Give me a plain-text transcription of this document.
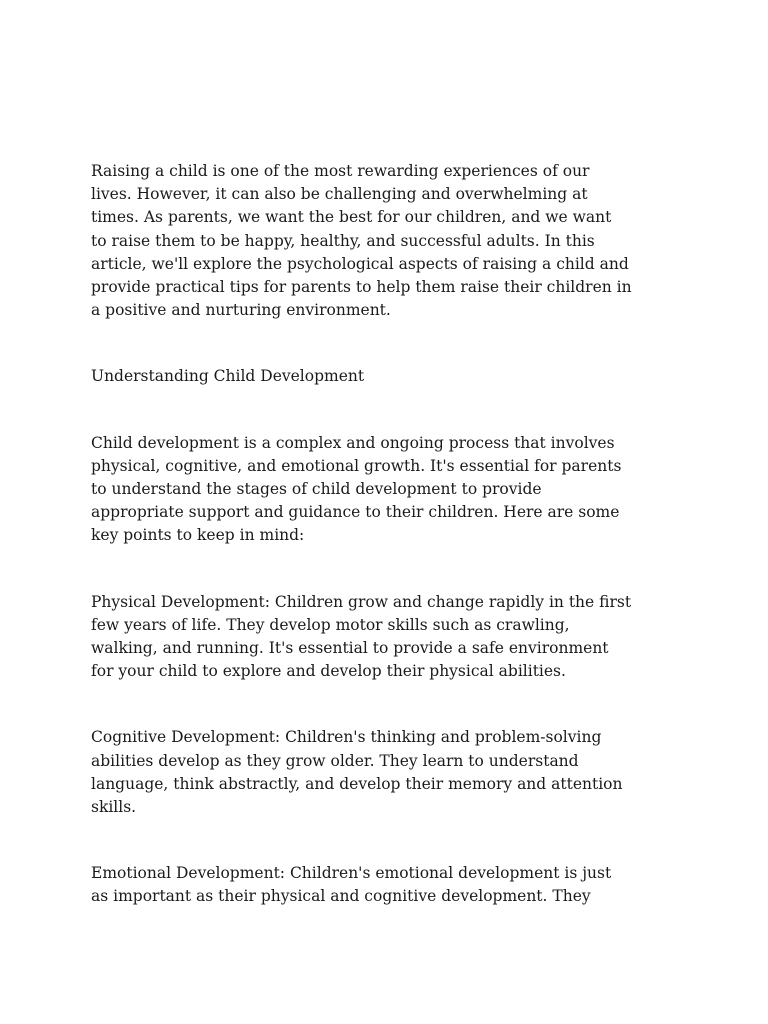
Raising a child is one of the most rewarding experiences of our
lives. However, it can also be challenging and overwhelming at
times. As parents, we want the best for our children, and we want
to raise them to be happy, healthy, and successful adults. In this
article, we'll explore the psychological aspects of raising a child and
provide practical tips for parents to help them raise their children in
a positive and nurturing environment.

Understanding Child Development

Child development is a complex and ongoing process that involves
physical, cognitive, and emotional growth. It's essential for parents
to understand the stages of child development to provide
appropriate support and guidance to their children. Here are some
key points to keep in mind:

Physical Development: Children grow and change rapidly in the first
few years of life. They develop motor skills such as crawling,
walking, and running. It's essential to provide a safe environment
for your child to explore and develop their physical abilities.

Cognitive Development: Children's thinking and problem-solving
abilities develop as they grow older. They learn to understand
language, think abstractly, and develop their memory and attention
skills.

Emotional Development: Children's emotional development is just
as important as their physical and cognitive development. They
